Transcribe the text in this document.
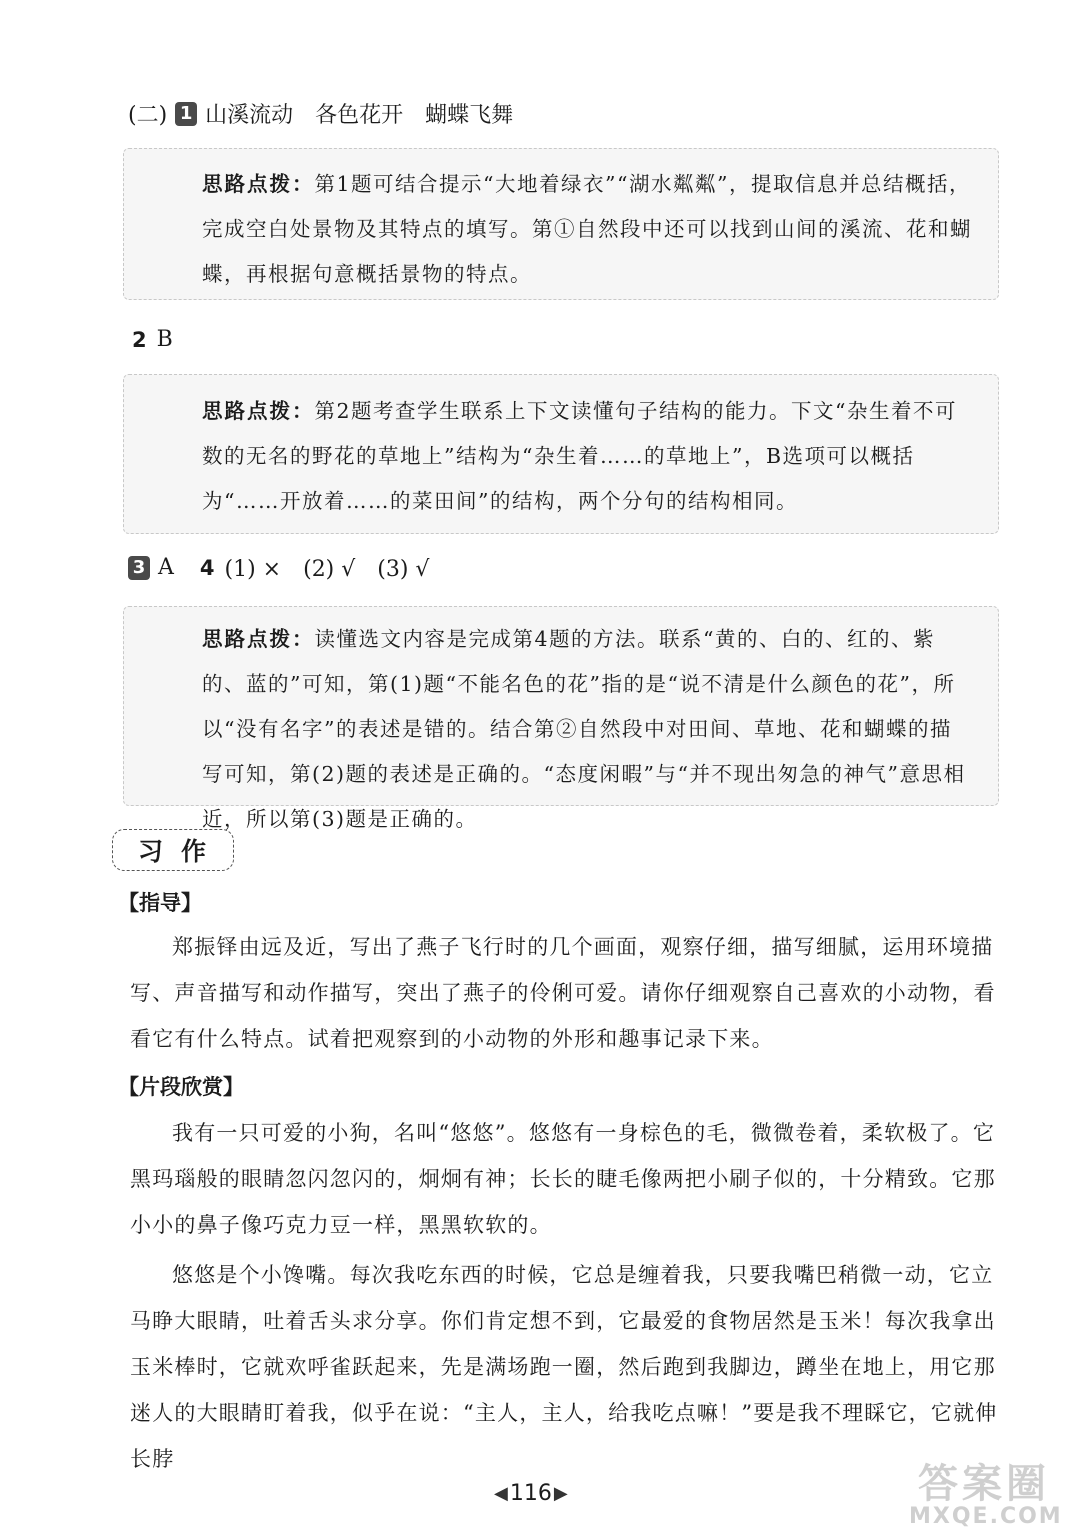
(二) 1 山溪流动　各色花开　蝴蝶飞舞
思路点拨：第1题可结合提示“大地着绿衣”“湖水粼粼”，提取信息并总结概括，完成空白处景物及其特点的填写。第①自然段中还可以找到山间的溪流、花和蝴蝶，再根据句意概括景物的特点。
2 B
思路点拨：第2题考查学生联系上下文读懂句子结构的能力。下文“杂生着不可数的无名的野花的草地上”结构为“杂生着……的草地上”，B选项可以概括为“……开放着……的菜田间”的结构，两个分句的结构相同。
3 A 4 (1) ×　(2) √　(3) √
思路点拨：读懂选文内容是完成第4题的方法。联系“黄的、白的、红的、紫的、蓝的”可知，第(1)题“不能名色的花”指的是“说不清是什么颜色的花”，所以“没有名字”的表述是错的。结合第②自然段中对田间、草地、花和蝴蝶的描写可知，第(2)题的表述是正确的。“态度闲暇”与“并不现出匆急的神气”意思相近，所以第(3)题是正确的。
习作
【指导】

郑振铎由远及近，写出了燕子飞行时的几个画面，观察仔细，描写细腻，运用环境描写、声音描写和动作描写，突出了燕子的伶俐可爱。请你仔细观察自己喜欢的小动物，看看它有什么特点。试着把观察到的小动物的外形和趣事记录下来。

【片段欣赏】

我有一只可爱的小狗，名叫“悠悠”。悠悠有一身棕色的毛，微微卷着，柔软极了。它黑玛瑙般的眼睛忽闪忽闪的，炯炯有神；长长的睫毛像两把小刷子似的，十分精致。它那小小的鼻子像巧克力豆一样，黑黑软软的。

悠悠是个小馋嘴。每次我吃东西的时候，它总是缠着我，只要我嘴巴稍微一动，它立马睁大眼睛，吐着舌头求分享。你们肯定想不到，它最爱的食物居然是玉米！每次我拿出玉米棒时，它就欢呼雀跃起来，先是满场跑一圈，然后跑到我脚边，蹲坐在地上，用它那迷人的大眼睛盯着我，似乎在说：“主人，主人，给我吃点嘛！”要是我不理睬它，它就伸长脖

◀ 116 ▶	答案圈
MXQE.COM
